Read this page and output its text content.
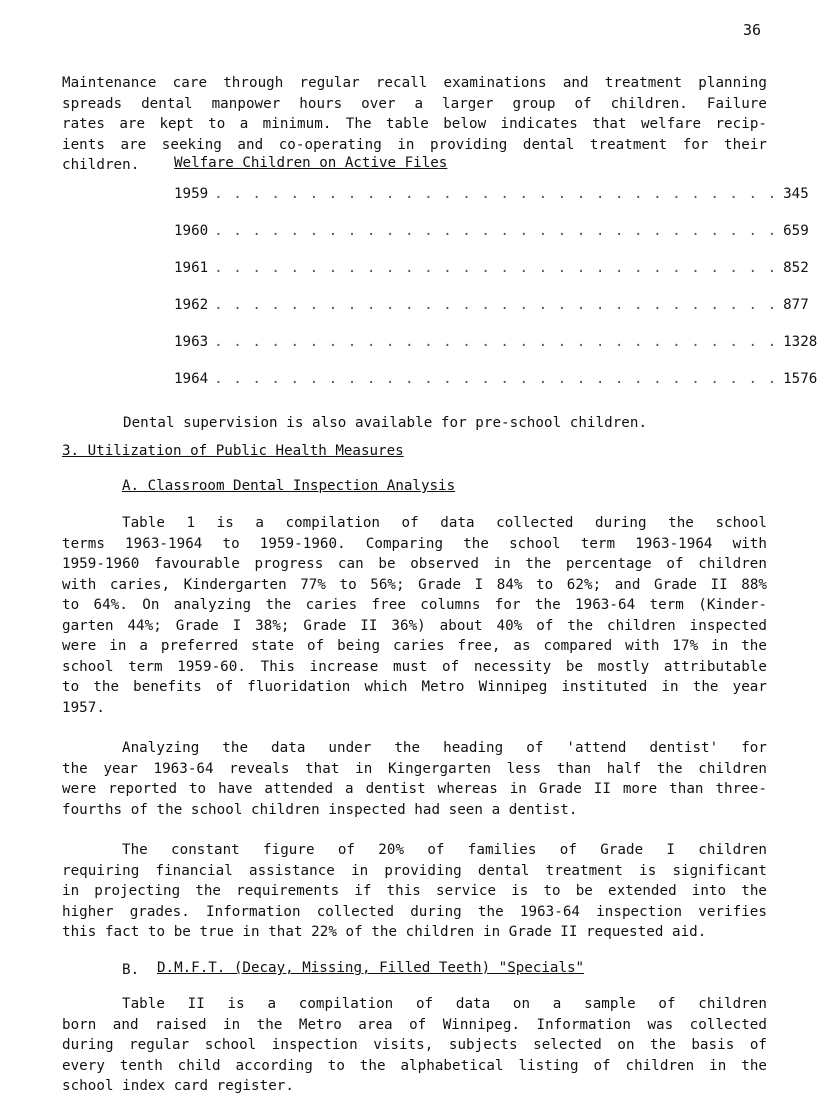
36
Maintenance care through regular recall examinations and treatment planning
spreads dental manpower hours over a larger group of children. Failure
rates are kept to a minimum. The table below indicates that welfare recip-
ients are seeking and co-operating in providing dental treatment for their
children.	Welfare Children on Active Files
1959 . . . . . . . . . . . . . . . . . . . . . . . . . . . . . . 345
1960 . . . . . . . . . . . . . . . . . . . . . . . . . . . . . . 659
1961 . . . . . . . . . . . . . . . . . . . . . . . . . . . . . . 852
1962 . . . . . . . . . . . . . . . . . . . . . . . . . . . . . . 877
1963 . . . . . . . . . . . . . . . . . . . . . . . . . . . . . . 1328
1964 . . . . . . . . . . . . . . . . . . . . . . . . . . . . . . 1576
Dental supervision is also available for pre-school children.
3. Utilization of Public Health Measures
A. Classroom Dental Inspection Analysis
Table 1 is a compilation of data collected during the school
terms 1963-1964 to 1959-1960. Comparing the school term 1963-1964 with
1959-1960 favourable progress can be observed in the percentage of children
with caries, Kindergarten 77% to 56%; Grade I 84% to 62%; and Grade II 88%
to 64%. On analyzing the caries free columns for the 1963-64 term (Kinder-
garten 44%; Grade I 38%; Grade II 36%) about 40% of the children inspected
were in a preferred state of being caries free, as compared with 17% in the
school term 1959-60. This increase must of necessity be mostly attributable
to the benefits of fluoridation which Metro Winnipeg instituted in the year
1957.
Analyzing the data under the heading of 'attend dentist' for
the year 1963-64 reveals that in Kingergarten less than half the children
were reported to have attended a dentist whereas in Grade II more than three-
fourths of the school children inspected had seen a dentist.
The constant figure of 20% of families of Grade I children
requiring financial assistance in providing dental treatment is significant
in projecting the requirements if this service is to be extended into the
higher grades. Information collected during the 1963-64 inspection verifies
this fact to be true in that 22% of the children in Grade II requested aid.
B.	D.M.F.T. (Decay, Missing, Filled Teeth) "Specials"
Table II is a compilation of data on a sample of children
born and raised in the Metro area of Winnipeg. Information was collected
during regular school inspection visits, subjects selected on the basis of
every tenth child according to the alphabetical listing of children in the
school index card register.
